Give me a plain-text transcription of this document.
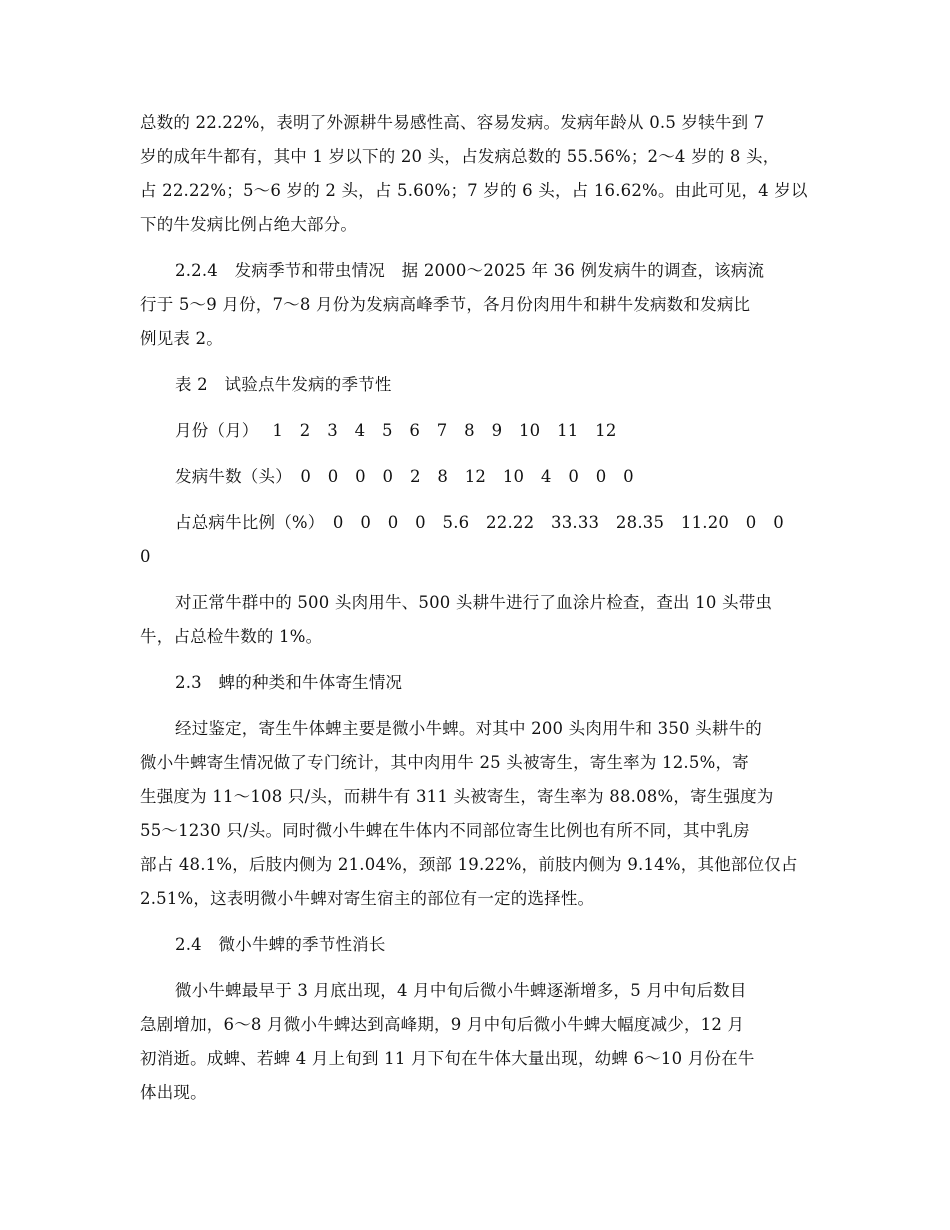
总数的 22.22%，表明了外源耕牛易感性高、容易发病。发病年龄从 0.5 岁犊牛到 7
岁的成年牛都有，其中 1 岁以下的 20 头，占发病总数的 55.56%；2～4 岁的 8 头，
占 22.22%；5～6 岁的 2 头，占 5.60%；7 岁的 6 头，占 16.62%。由此可见，4 岁以
下的牛发病比例占绝大部分。
2.2.4　发病季节和带虫情况　据 2000～2025 年 36 例发病牛的调查，该病流
行于 5～9 月份，7～8 月份为发病高峰季节，各月份肉用牛和耕牛发病数和发病比
例见表 2。
表 2　试验点牛发病的季节性
月份（月）　 1　2　3　4　5　6　7　8　9　10　11　12
发病牛数（头）　0　0　0　0　2　8　12　10　4　0　0　0
占总病牛比例（%）　0　0　0　0　5.6　22.22　33.33　28.35　11.20　0　0
0
对正常牛群中的 500 头肉用牛、500 头耕牛进行了血涂片检查，查出 10 头带虫
牛，占总检牛数的 1%。
2.3　蜱的种类和牛体寄生情况
经过鉴定，寄生牛体蜱主要是微小牛蜱。对其中 200 头肉用牛和 350 头耕牛的
微小牛蜱寄生情况做了专门统计，其中肉用牛 25 头被寄生，寄生率为 12.5%，寄
生强度为 11～108 只/头，而耕牛有 311 头被寄生，寄生率为 88.08%，寄生强度为
55～1230 只/头。同时微小牛蜱在牛体内不同部位寄生比例也有所不同，其中乳房
部占 48.1%，后肢内侧为 21.04%，颈部 19.22%，前肢内侧为 9.14%，其他部位仅占
2.51%，这表明微小牛蜱对寄生宿主的部位有一定的选择性。
2.4　微小牛蜱的季节性消长
微小牛蜱最早于 3 月底出现，4 月中旬后微小牛蜱逐渐增多，5 月中旬后数目
急剧增加，6～8 月微小牛蜱达到高峰期，9 月中旬后微小牛蜱大幅度减少，12 月
初消逝。成蜱、若蜱 4 月上旬到 11 月下旬在牛体大量出现，幼蜱 6～10 月份在牛
体出现。
